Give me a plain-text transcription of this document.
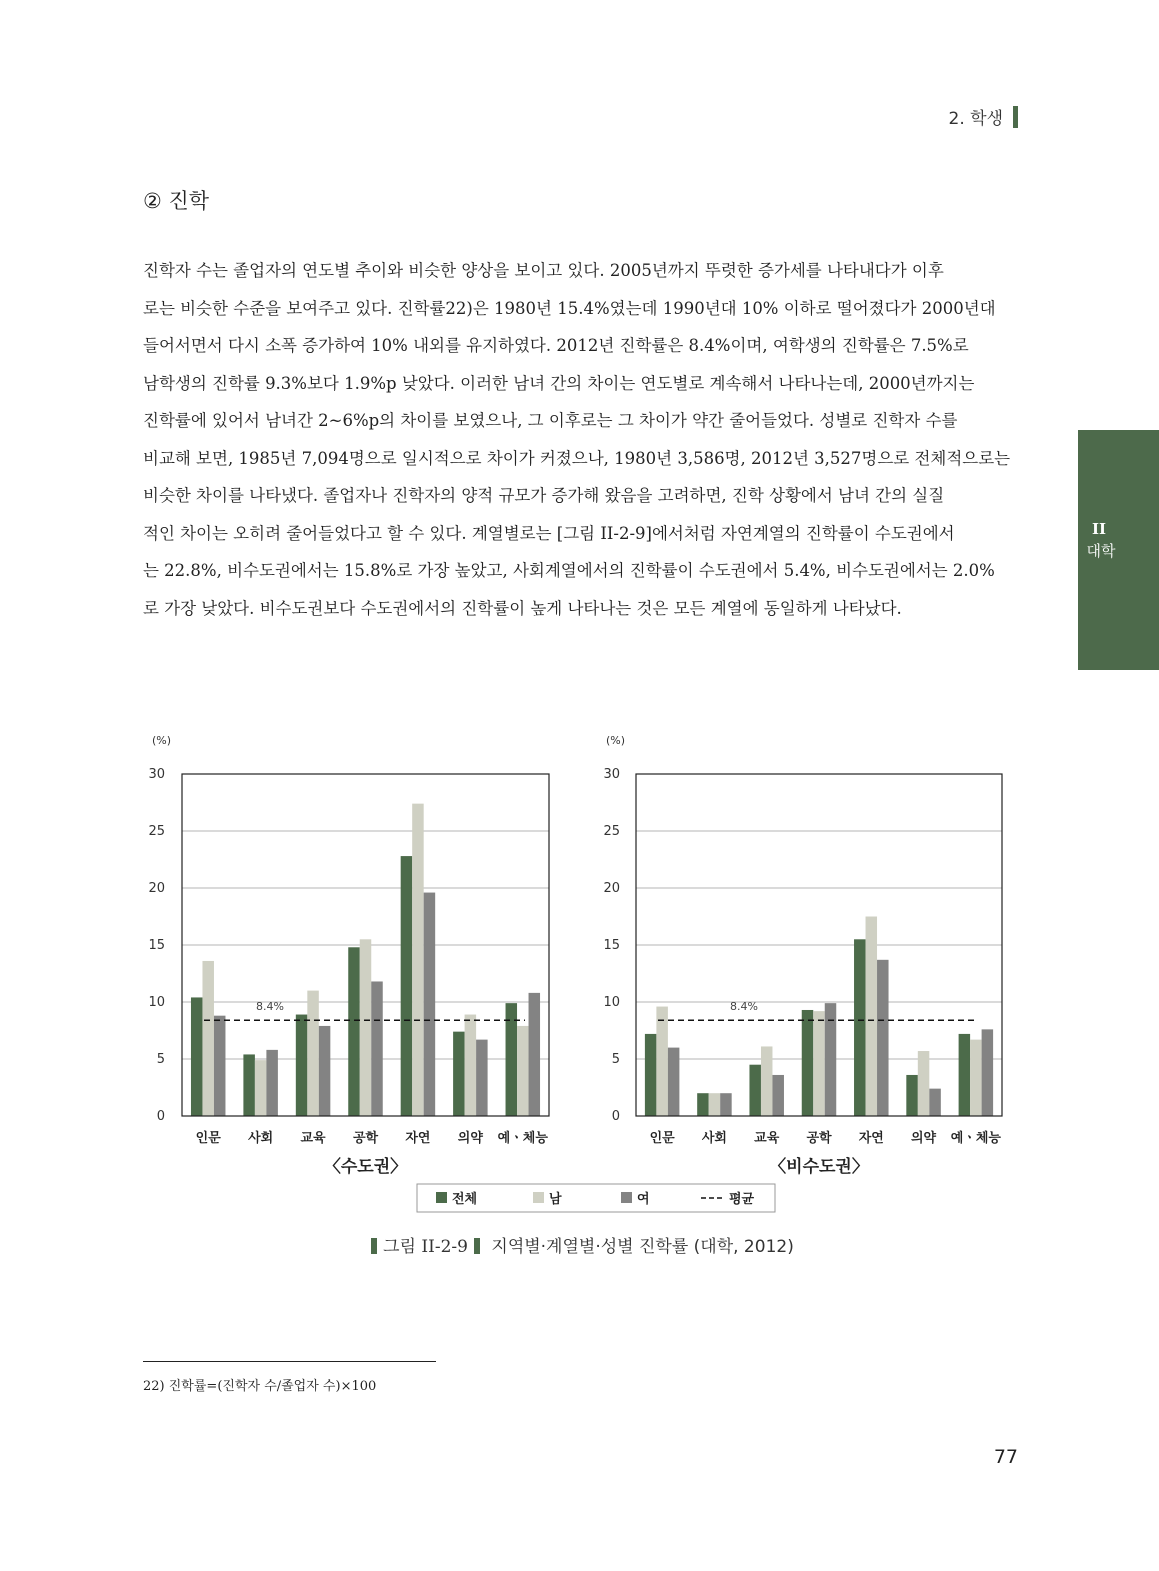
2. 학생
② 진학
진학자 수는 졸업자의 연도별 추이와 비슷한 양상을 보이고 있다. 2005년까지 뚜렷한 증가세를 나타내다가 이후
로는 비슷한 수준을 보여주고 있다. 진학률22)은 1980년 15.4%였는데 1990년대 10% 이하로 떨어졌다가 2000년대
들어서면서 다시 소폭 증가하여 10% 내외를 유지하였다. 2012년 진학률은 8.4%이며, 여학생의 진학률은 7.5%로
남학생의 진학률 9.3%보다 1.9%p 낮았다. 이러한 남녀 간의 차이는 연도별로 계속해서 나타나는데, 2000년까지는
진학률에 있어서 남녀간 2~6%p의 차이를 보였으나, 그 이후로는 그 차이가 약간 줄어들었다. 성별로 진학자 수를
비교해 보면, 1985년 7,094명으로 일시적으로 차이가 커졌으나, 1980년 3,586명, 2012년 3,527명으로 전체적으로는
비슷한 차이를 나타냈다. 졸업자나 진학자의 양적 규모가 증가해 왔음을 고려하면, 진학 상황에서 남녀 간의 실질
적인 차이는 오히려 줄어들었다고 할 수 있다. 계열별로는 [그림 II-2-9]에서처럼 자연계열의 진학률이 수도권에서
는 22.8%, 비수도권에서는 15.8%로 가장 높았고, 사회계열에서의 진학률이 수도권에서 5.4%, 비수도권에서는 2.0%
로 가장 낮았다. 비수도권보다 수도권에서의 진학률이 높게 나타나는 것은 모든 계열에 동일하게 나타났다.
II
대학
(%)
0
5
10
15
20
25
30
인문 사회 교육 공학 자연 의약 예ㆍ체능
8.4%
〈수도권〉
(%)
0
5
10
15
20
25
30
인문 사회 교육 공학 자연 의약 예ㆍ체능
8.4%
〈비수도권〉
전체	남	여	평균
그림 II-2-9 지역별·계열별·성별 진학률 (대학, 2012)
22) 진학률=(진학자 수/졸업자 수)×100
77
